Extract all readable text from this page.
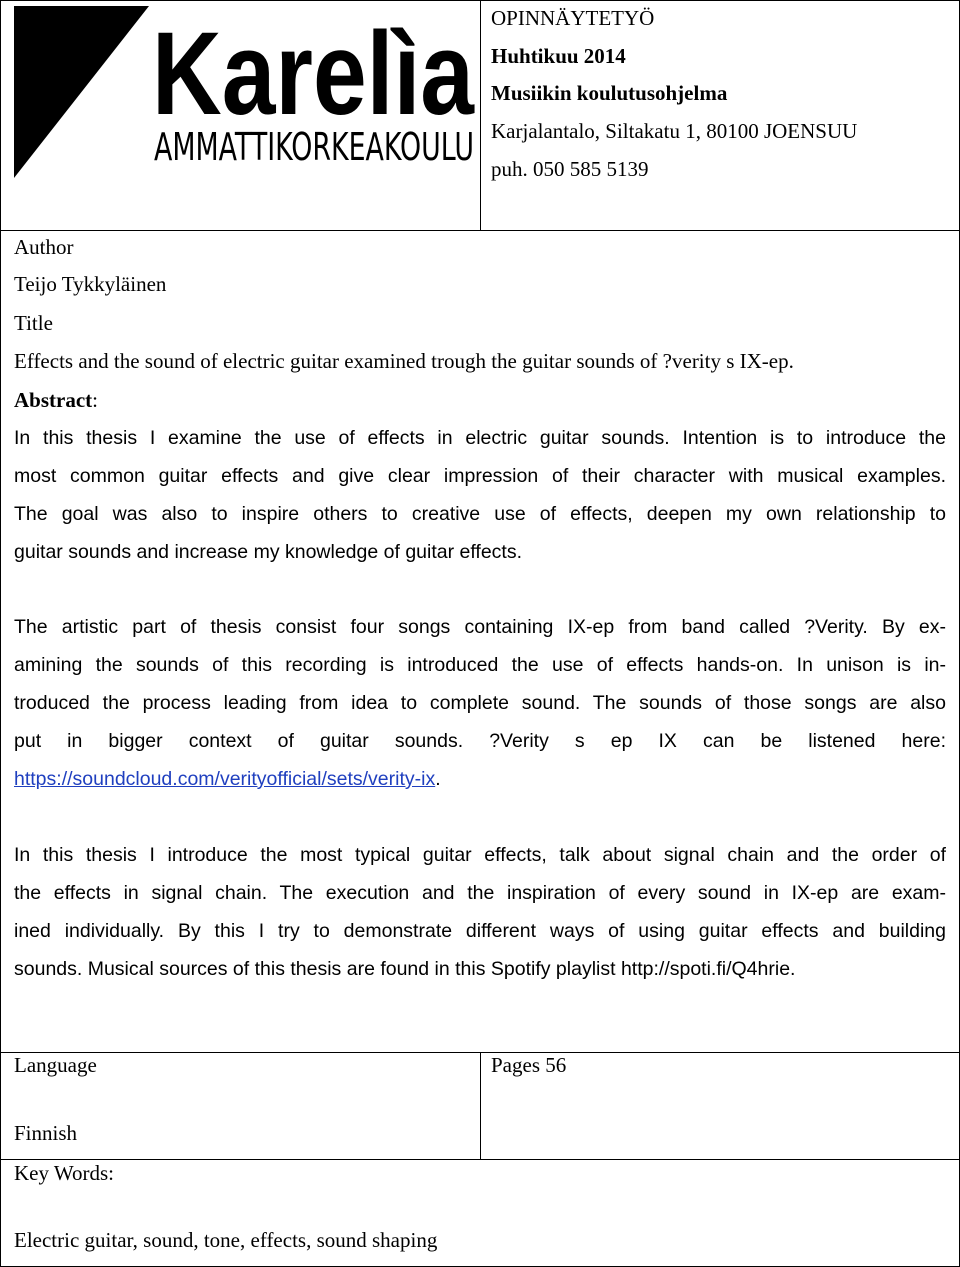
Karelìa
AMMATTIKORKEAKOULU
OPINNÄYTETYÖ
Huhtikuu 2014
Musiikin koulutusohjelma
Karjalantalo, Siltakatu 1, 80100 JOENSUU
puh. 050 585 5139
Author
Teijo Tykkyläinen
Title
Effects and the sound of electric guitar examined trough the guitar sounds of ?verity s IX-ep.
Abstract:
In this thesis I examine the use of effects in electric guitar sounds. Intention is to introduce the
most common guitar effects and give clear impression of their character with musical examples.
The goal was also to inspire others to creative use of effects, deepen my own relationship to
guitar sounds and increase my knowledge of guitar effects.
The artistic part of thesis consist four songs containing IX-ep from band called ?Verity. By ex-
amining the sounds of this recording is introduced the use of effects hands-on. In unison is in-
troduced the process leading from idea to complete sound. The sounds of those songs are also
put in bigger context of guitar sounds. ?Verity s ep IX can be listened here:
https://soundcloud.com/verityofficial/sets/verity-ix.
In this thesis I introduce the most typical guitar effects, talk about signal chain and the order of
the effects in signal chain. The execution and the inspiration of every sound in IX-ep are exam-
ined individually. By this I try to demonstrate different ways of using guitar effects and building
sounds. Musical sources of this thesis are found in this Spotify playlist http://spoti.fi/Q4hrie.
Language
Finnish
Pages 56
Key Words:
Electric guitar, sound, tone, effects, sound shaping
